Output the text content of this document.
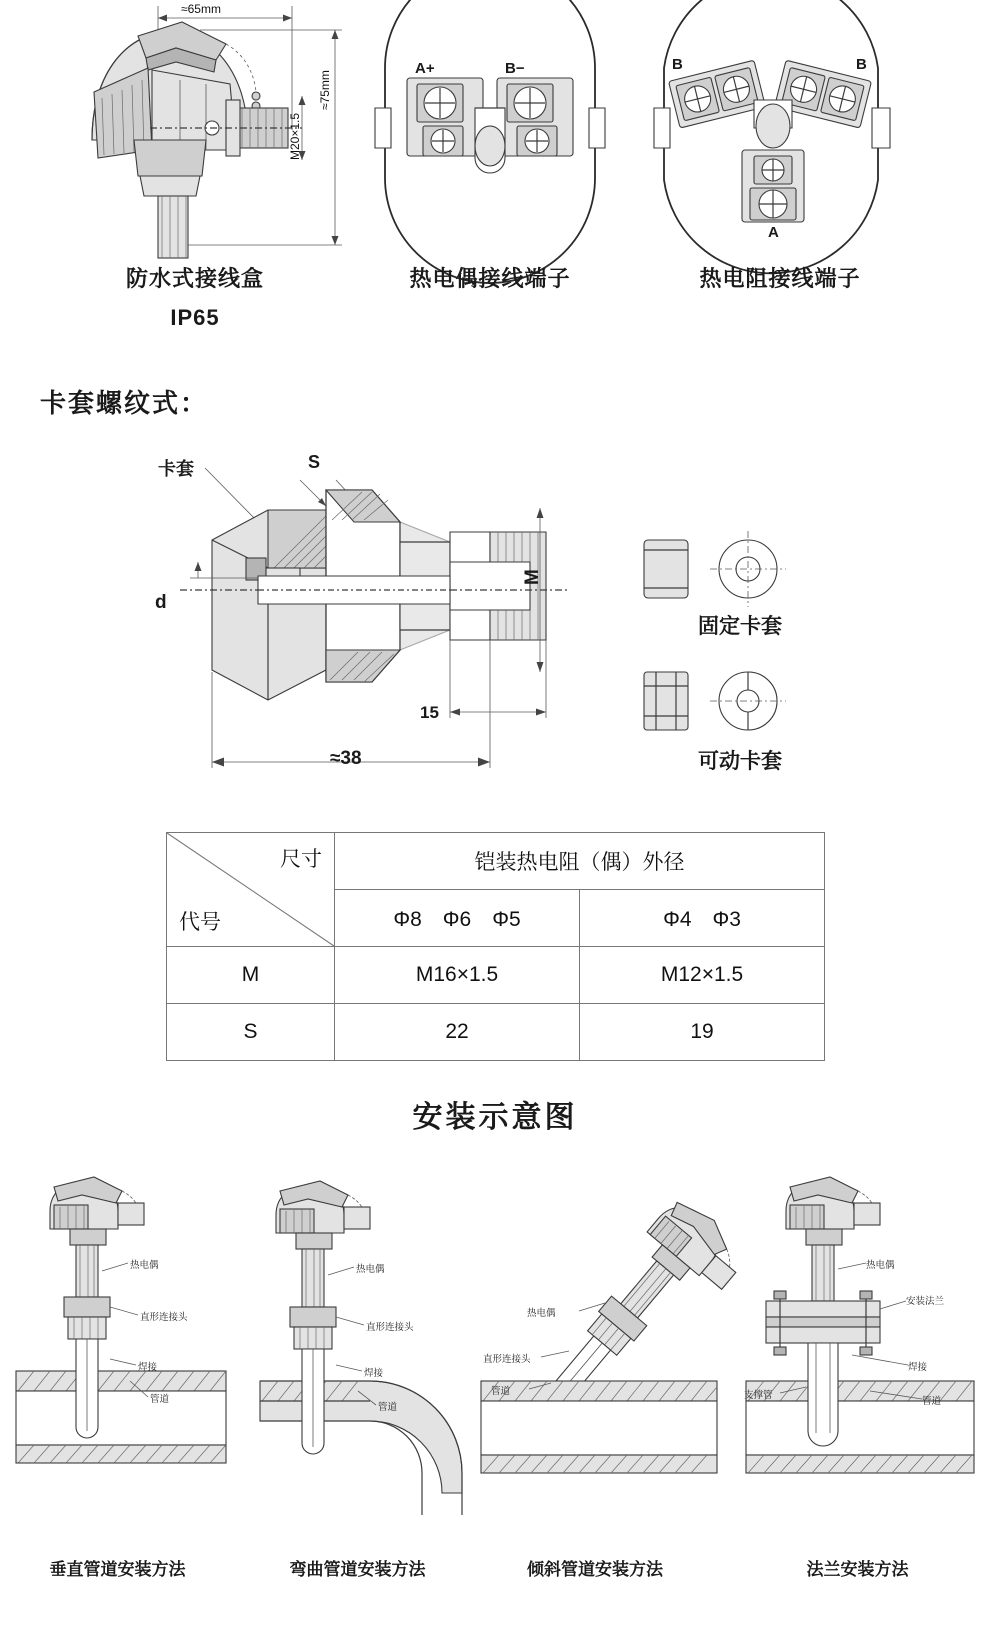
≈65mm
≈75mm
M20×1.5
A+	B−	B	B
A
防水式接线盒
IP65
热电偶接线端子	热电阻接线端子
卡套螺纹式：
卡套	S
d
M
15
≈38
固定卡套
可动卡套
尺寸
代号	铠装热电阻（偶）外径	
	Φ8　Φ6　Φ5	Φ4　Φ3
M	M16×1.5	M12×1.5
S	22	19
安装示意图
热电偶
直形连接头
焊接
管道
热电偶
直形连接头
焊接
管道
热电偶
直形连接头
管道
热电偶
安装法兰
焊接
支撑管
管道
垂直管道安装方法	弯曲管道安装方法	倾斜管道安装方法	法兰安装方法
